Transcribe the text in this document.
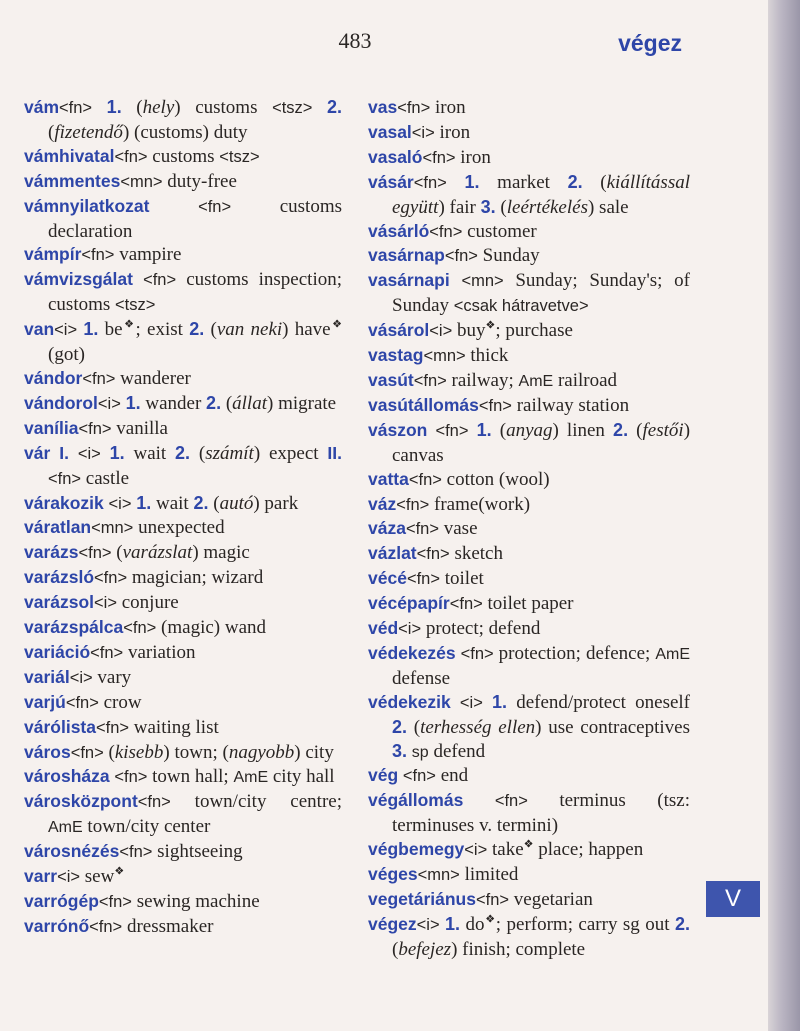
483	végez
vám<fn> 1 . (hely) customs <tsz> 2 . (fizetendő) (customs) duty
vámhivatal<fn> customs <tsz>
vámmentes<mn> duty-free
vámnyilatkozat	<fn> customs declaration
vámpír<fn> vampire
vámvizsgálat <fn> customs inspection; customs <tsz>
van<i> 1 . be❖; exist 2 . (van neki) have❖ (got)
vándor<fn> wanderer
vándorol<i> 1 . wander 2 . (állat) migrate
vanília<fn> vanilla
vár I. <i> 1 . wait 2 . (számít) expect II.<fn> castle
várakozik <i> 1 . wait 2 . (autó) park
váratlan<mn> unexpected
varázs<fn> (varázslat) magic
varázsló<fn> magician; wizard
varázsol<i> conjure
varázspálca<fn> (magic) wand
variáció<fn> variation
variál<i> vary
varjú<fn> crow
várólista<fn> waiting list
város<fn> (kisebb) town; (nagyobb) city
városháza <fn> town hall; AmE city hall
városközpont<fn> town/city centre; AmE town/city center
városnézés<fn> sightseeing
varr<i> sew❖
varrógép<fn> sewing machine
varrónő<fn> dressmaker
vas<fn> iron
vasal<i> iron
vasaló<fn> iron
vásár<fn> 1 . market 2 . (kiállítással együtt) fair 3 . (leértékelés) sale
vásárló<fn> customer
vasárnap<fn> Sunday
vasárnapi <mn> Sunday; Sunday's; of Sunday <csak hátravetve>
vásárol<i> buy❖; purchase
vastag<mn> thick
vasút<fn> railway; AmE railroad
vasútállomás<fn> railway station
vászon <fn> 1 . (anyag) linen 2 . (festői) canvas
vatta<fn> cotton (wool)
váz<fn> frame(work)
váza<fn> vase
vázlat<fn> sketch
vécé<fn> toilet
vécépapír<fn> toilet paper
véd<i> protect; defend
védekezés <fn> protection; defence; AmE defense
védekezik <i> 1 . defend/protect oneself 2 . (terhesség ellen) use contraceptives 3 . sp defend
vég <fn> end
végállomás <fn> terminus (tsz: terminuses v. termini)
végbemegy<i> take❖ place; happen
véges<mn> limited
vegetáriánus<fn> vegetarian
végez<i> 1 . do❖; perform; carry sg out 2 . (befejez) finish; complete
V
